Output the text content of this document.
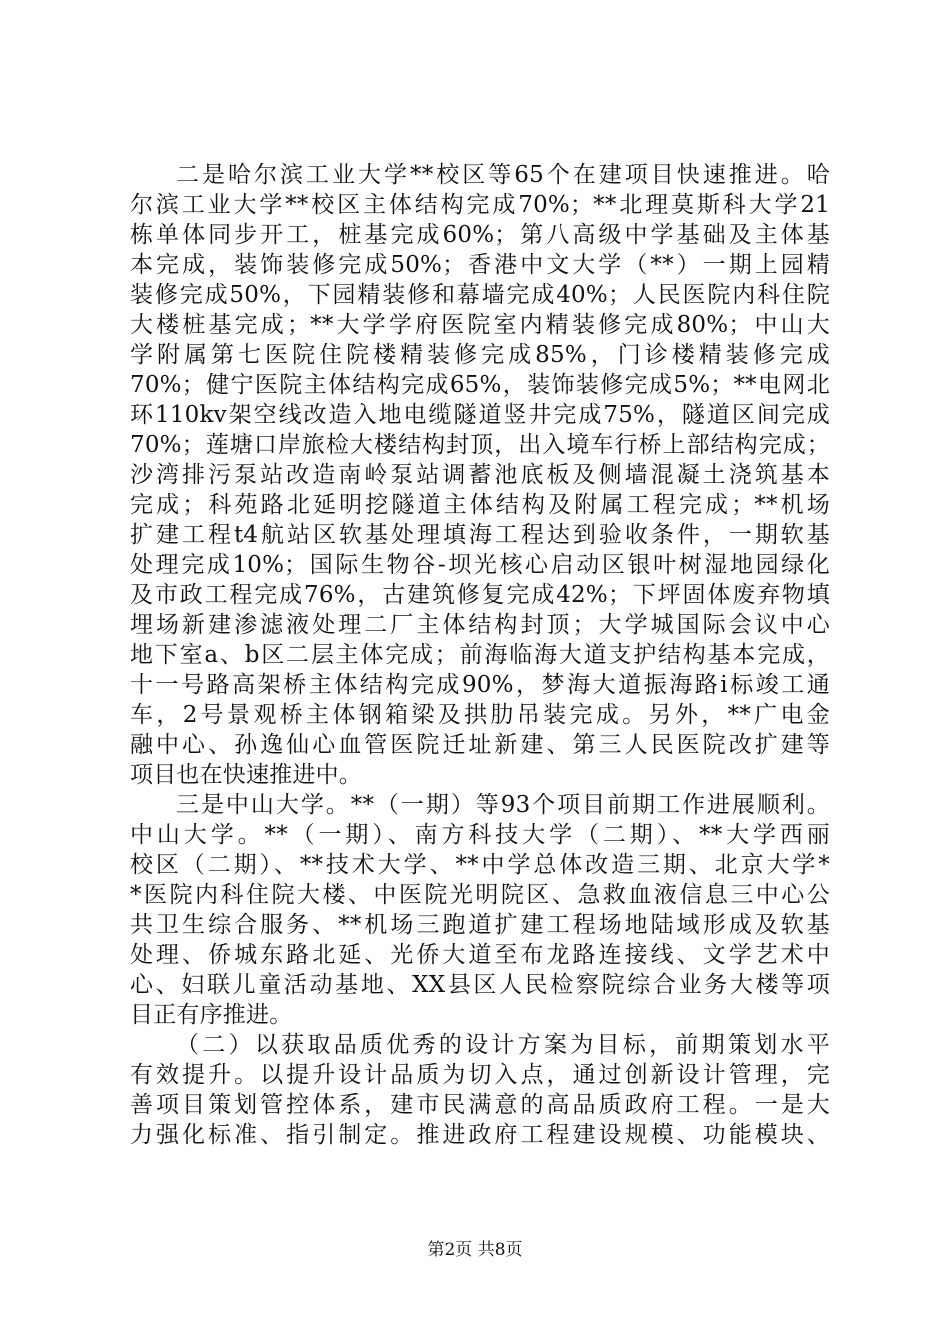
二是哈尔滨工业大学**校区等65个在建项目快速推进。哈
尔滨工业大学**校区主体结构完成70%；**北理莫斯科大学21
栋单体同步开工，桩基完成60%；第八高级中学基础及主体基
本完成，装饰装修完成50%；香港中文大学（**）一期上园精
装修完成50%，下园精装修和幕墙完成40%；人民医院内科住院
大楼桩基完成；**大学学府医院室内精装修完成80%；中山大
学附属第七医院住院楼精装修完成85%，门诊楼精装修完成
70%；健宁医院主体结构完成65%，装饰装修完成5%；**电网北
环110kv架空线改造入地电缆隧道竖井完成75%，隧道区间完成
70%；莲塘口岸旅检大楼结构封顶，出入境车行桥上部结构完成；
沙湾排污泵站改造南岭泵站调蓄池底板及侧墙混凝土浇筑基本
完成；科苑路北延明挖隧道主体结构及附属工程完成；**机场
扩建工程t4航站区软基处理填海工程达到验收条件，一期软基
处理完成10%；国际生物谷-坝光核心启动区银叶树湿地园绿化
及市政工程完成76%，古建筑修复完成42%；下坪固体废弃物填
埋场新建渗滤液处理二厂主体结构封顶；大学城国际会议中心
地下室a、b区二层主体完成；前海临海大道支护结构基本完成，
十一号路高架桥主体结构完成90%，梦海大道振海路i标竣工通
车，2号景观桥主体钢箱梁及拱肋吊装完成。另外，**广电金
融中心、孙逸仙心血管医院迁址新建、第三人民医院改扩建等
项目也在快速推进中。
三是中山大学。**（一期）等93个项目前期工作进展顺利。
中山大学。**（一期）、南方科技大学（二期）、**大学西丽
校区（二期）、**技术大学、**中学总体改造三期、北京大学*
*医院内科住院大楼、中医院光明院区、急救血液信息三中心公
共卫生综合服务、**机场三跑道扩建工程场地陆域形成及软基
处理、侨城东路北延、光侨大道至布龙路连接线、文学艺术中
心、妇联儿童活动基地、XX县区人民检察院综合业务大楼等项
目正有序推进。
（二）以获取品质优秀的设计方案为目标，前期策划水平
有效提升。以提升设计品质为切入点，通过创新设计管理，完
善项目策划管控体系，建市民满意的高品质政府工程。一是大
力强化标准、指引制定。推进政府工程建设规模、功能模块、
第2页 共8页
